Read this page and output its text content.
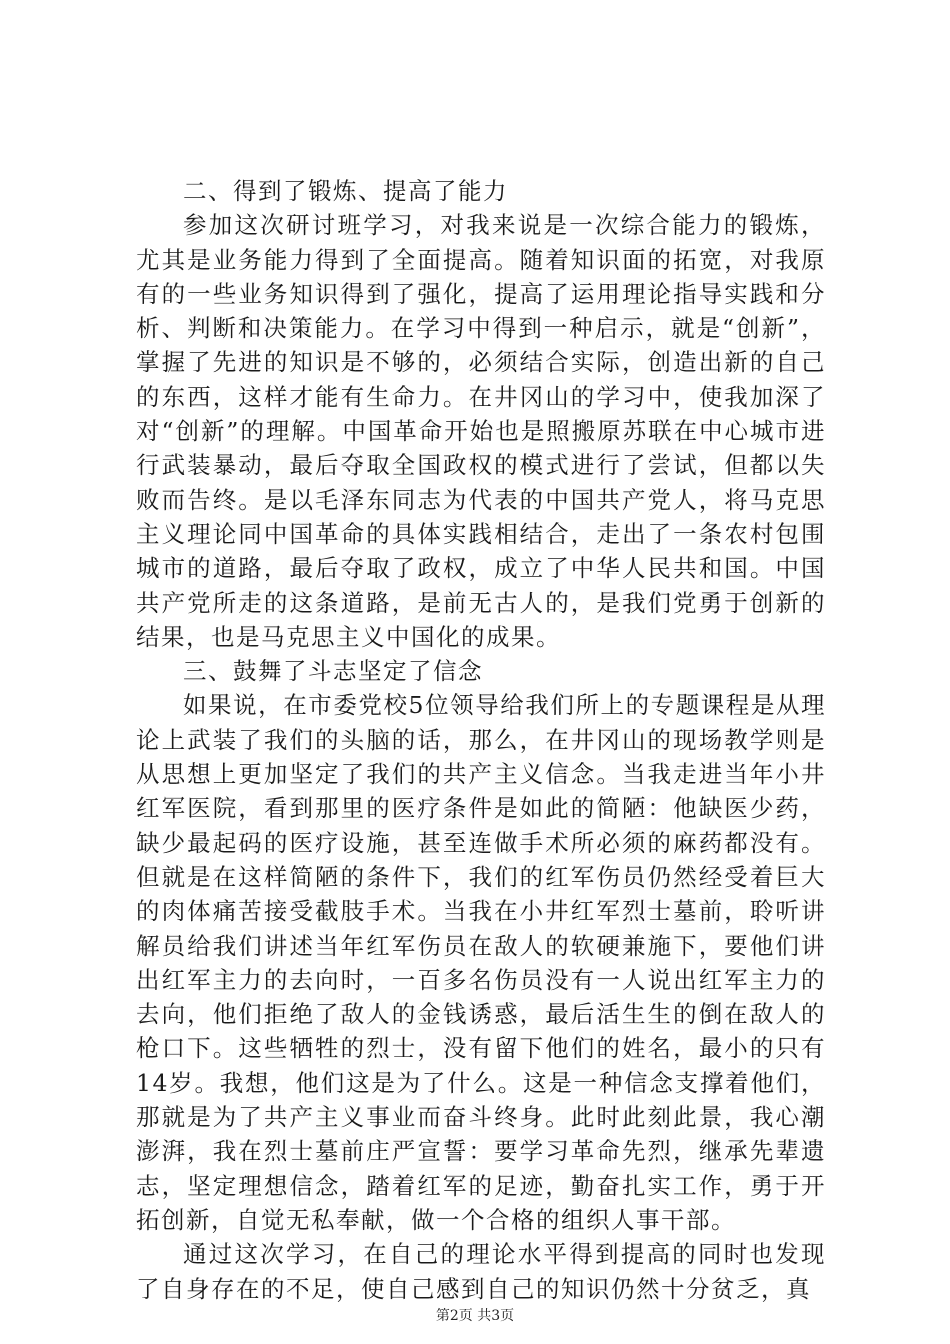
二、得到了锻炼、提高了能力

参加这次研讨班学习，对我来说是一次综合能力的锻炼，尤其是业务能力得到了全面提高。随着知识面的拓宽，对我原有的一些业务知识得到了强化，提高了运用理论指导实践和分析、判断和决策能力。在学习中得到一种启示，就是“创新”，掌握了先进的知识是不够的，必须结合实际，创造出新的自己的东西，这样才能有生命力。在井冈山的学习中，使我加深了对“创新”的理解。中国革命开始也是照搬原苏联在中心城市进行武装暴动，最后夺取全国政权的模式进行了尝试，但都以失败而告终。是以毛泽东同志为代表的中国共产党人，将马克思主义理论同中国革命的具体实践相结合，走出了一条农村包围城市的道路，最后夺取了政权，成立了中华人民共和国。中国共产党所走的这条道路，是前无古人的，是我们党勇于创新的结果，也是马克思主义中国化的成果。

三、鼓舞了斗志坚定了信念

如果说，在市委党校5位领导给我们所上的专题课程是从理论上武装了我们的头脑的话，那么，在井冈山的现场教学则是从思想上更加坚定了我们的共产主义信念。当我走进当年小井红军医院，看到那里的医疗条件是如此的简陋：他缺医少药，缺少最起码的医疗设施，甚至连做手术所必须的麻药都没有。但就是在这样简陋的条件下，我们的红军伤员仍然经受着巨大的肉体痛苦接受截肢手术。当我在小井红军烈士墓前，聆听讲解员给我们讲述当年红军伤员在敌人的软硬兼施下，要他们讲出红军主力的去向时，一百多名伤员没有一人说出红军主力的去向，他们拒绝了敌人的金钱诱惑，最后活生生的倒在敌人的枪口下。这些牺牲的烈士，没有留下他们的姓名，最小的只有14岁。我想，他们这是为了什么。这是一种信念支撑着他们，那就是为了共产主义事业而奋斗终身。此时此刻此景，我心潮澎湃，我在烈士墓前庄严宣誓：要学习革命先烈，继承先辈遗志，坚定理想信念，踏着红军的足迹，勤奋扎实工作，勇于开拓创新，自觉无私奉献，做一个合格的组织人事干部。

通过这次学习，在自己的理论水平得到提高的同时也发现了自身存在的不足，使自己感到自己的知识仍然十分贫乏，真

第2页 共3页
